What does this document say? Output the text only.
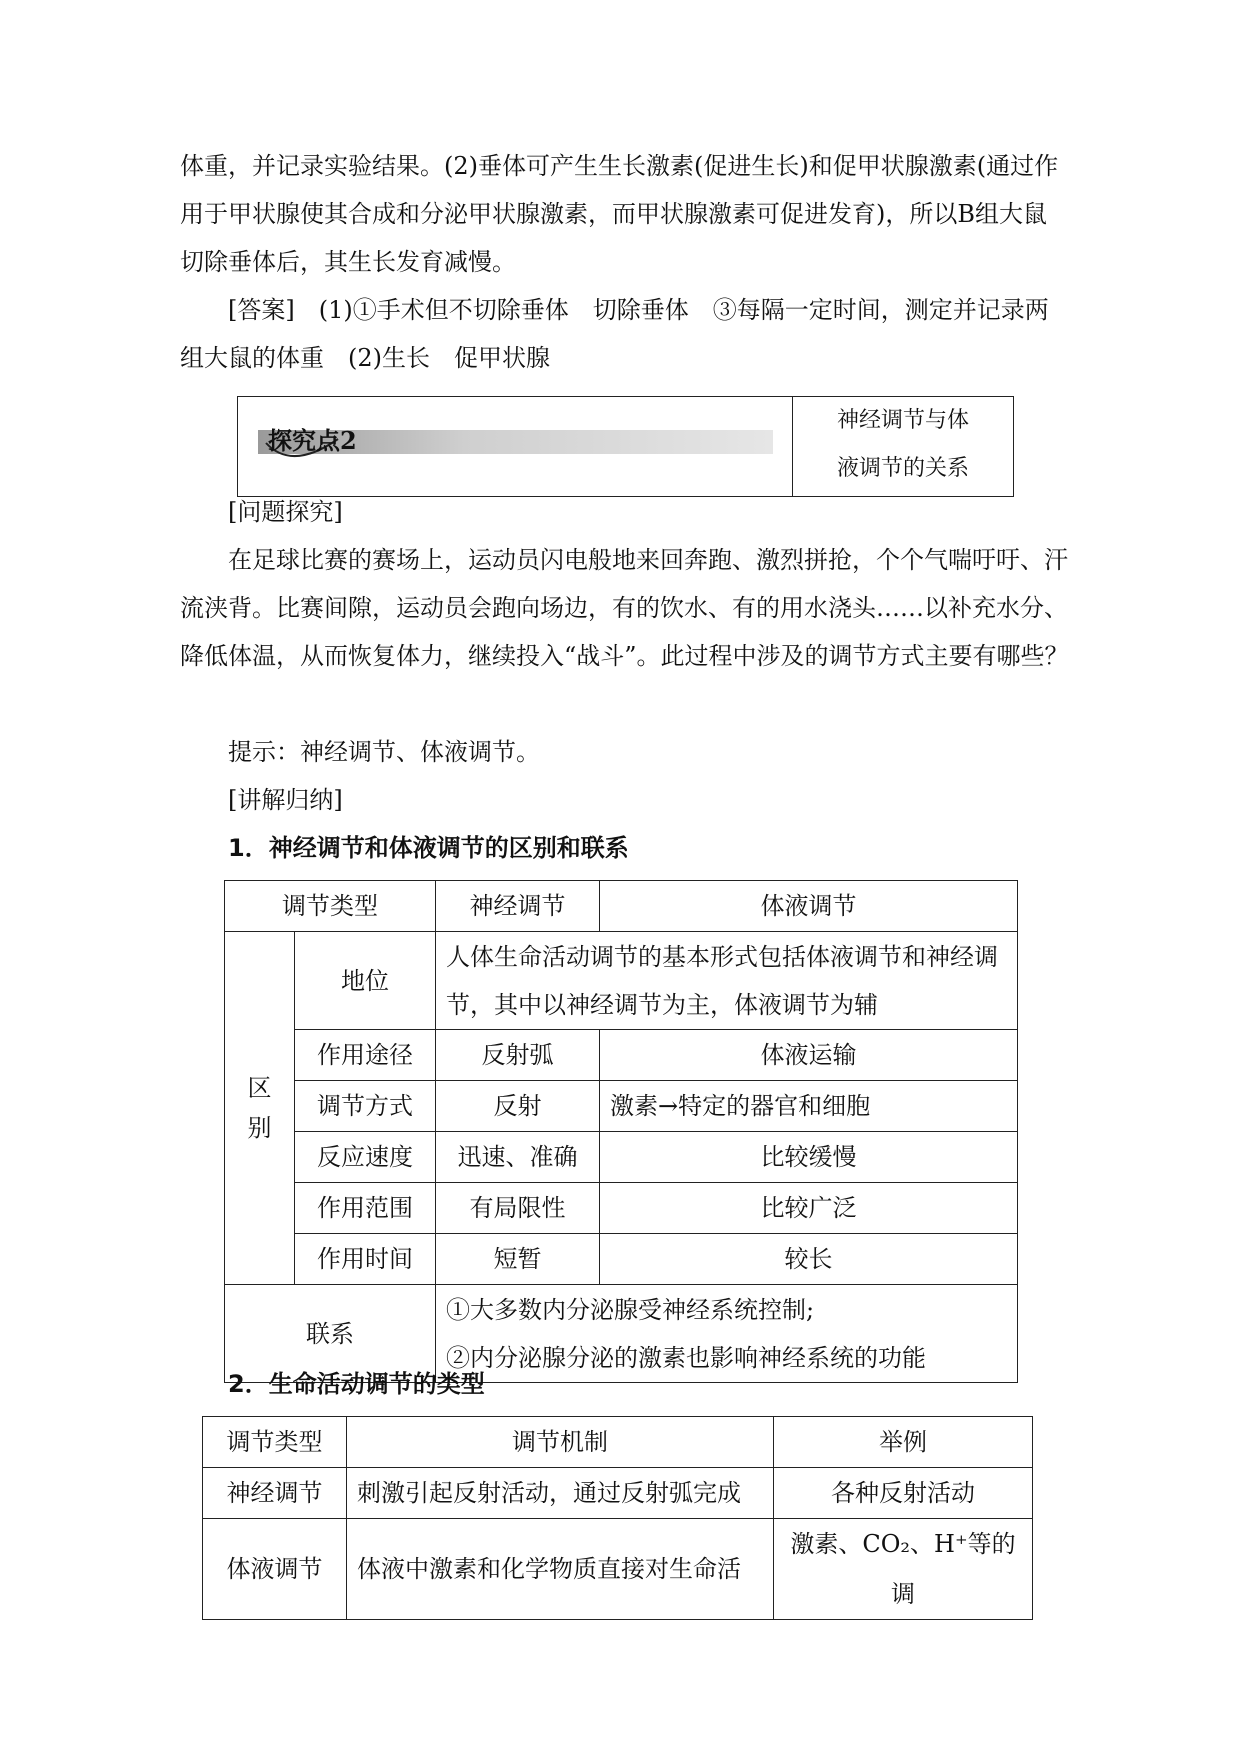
体重，并记录实验结果。(2)垂体可产生生长激素(促进生长)和促甲状腺激素(通过作用于甲状腺使其合成和分泌甲状腺激素，而甲状腺激素可促进发育)，所以B组大鼠切除垂体后，其生长发育减慢。

[答案]　(1)①手术但不切除垂体　切除垂体　③每隔一定时间，测定并记录两组大鼠的体重　(2)生长　促甲状腺

探究点2
神经调节与体
液调节的关系
[问题探究]

在足球比赛的赛场上，运动员闪电般地来回奔跑、激烈拼抢，个个气喘吁吁、汗流浃背。比赛间隙，运动员会跑向场边，有的饮水、有的用水浇头……以补充水分、降低体温，从而恢复体力，继续投入“战斗”。此过程中涉及的调节方式主要有哪些？

提示：神经调节、体液调节。
[讲解归纳]
1．神经调节和体液调节的区别和联系
调节类型		神经调节	体液调节
区别	地位	人体生命活动调节的基本形式包括体液调节和神经调节，其中以神经调节为主，体液调节为辅	
	作用途径	反射弧	体液运输
	调节方式	反射	激素→特定的器官和细胞
	反应速度	迅速、准确	比较缓慢
	作用范围	有局限性	比较广泛
	作用时间	短暂	较长
联系		①大多数内分泌腺受神经系统控制;
②内分泌腺分泌的激素也影响神经系统的功能	
2．生命活动调节的类型
调节类型	调节机制	举例
神经调节	刺激引起反射活动，通过反射弧完成	各种反射活动
体液调节	体液中激素和化学物质直接对生命活	激素、CO₂、H⁺等的调
